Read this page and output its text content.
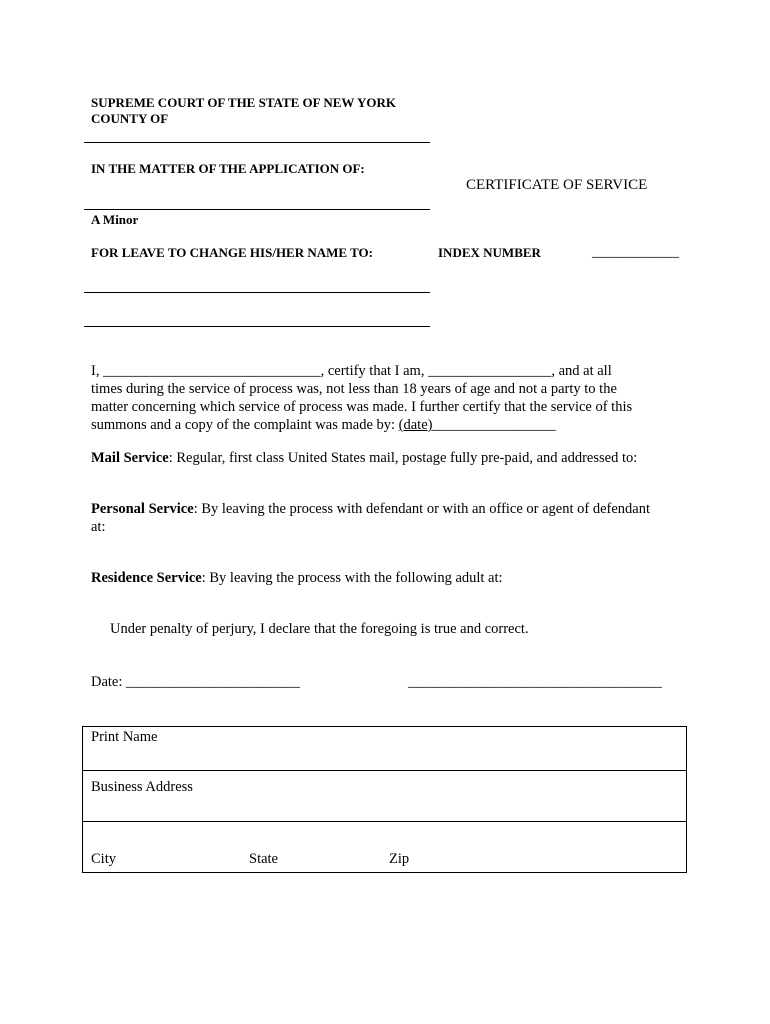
SUPREME COURT OF THE STATE OF NEW YORK
COUNTY OF
IN THE MATTER OF THE APPLICATION OF:
CERTIFICATE OF SERVICE
A Minor
FOR LEAVE TO CHANGE HIS/HER NAME TO:	INDEX NUMBER	____________
I, ______________________________, certify that I am, _________________, and at all
times during the service of process was, not less than 18 years of age and not a party to the
matter concerning which service of process was made. I further certify that the service of this
summons and a copy of the complaint was made by: (date)_________________
Mail Service: Regular, first class United States mail, postage fully pre-paid, and addressed to:
Personal Service: By leaving the process with defendant or with an office or agent of defendant
at:
Residence Service: By leaving the process with the following adult at:
Under penalty of perjury, I declare that the foregoing is true and correct.
Date: ________________________	___________________________________
Print Name
Business Address
City	State	Zip
